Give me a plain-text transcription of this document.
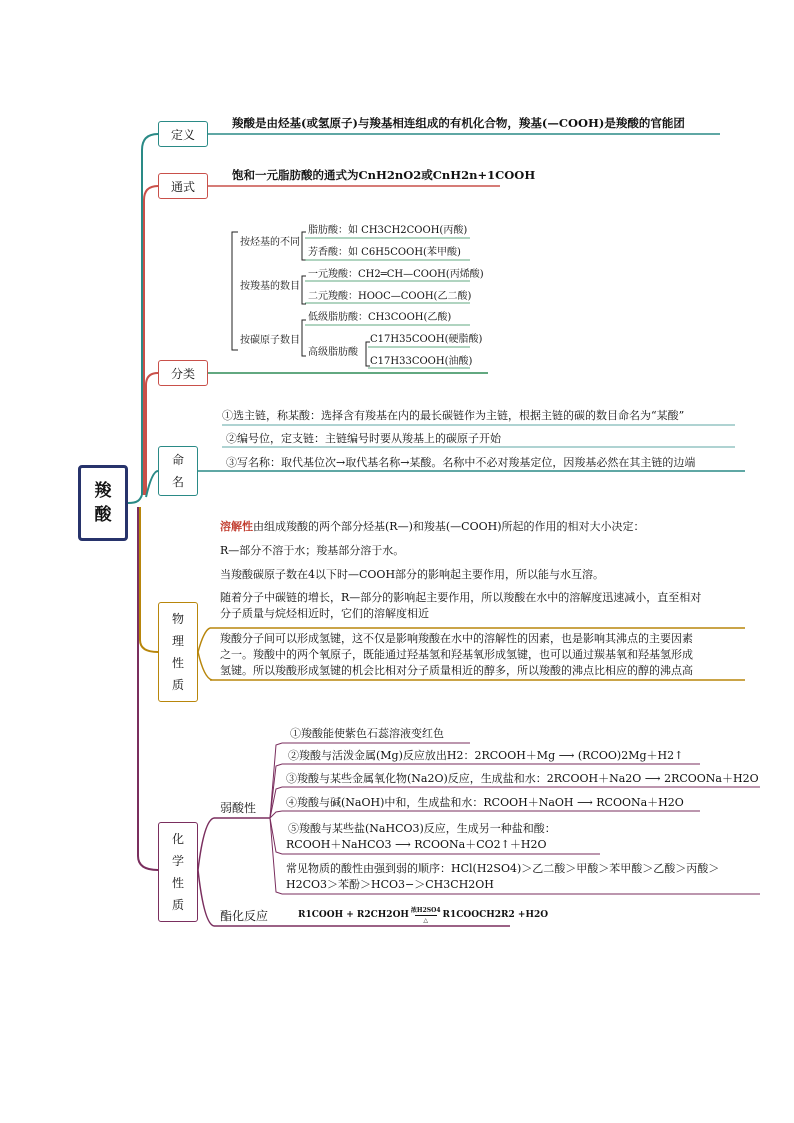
羧
酸
定义
通式
分类
命
名
物
理
性
质
化
学
性
质
羧酸是由烃基(或氢原子)与羧基相连组成的有机化合物，羧基(—COOH)是羧酸的官能团
饱和一元脂肪酸的通式为CnH2nO2或CnH2n+1COOH
按烃基的不同
脂肪酸：如 CH3CH2COOH(丙酸)
芳香酸：如 C6H5COOH(苯甲酸)
按羧基的数目
一元羧酸：CH2═CH—COOH(丙烯酸)
二元羧酸：HOOC—COOH(乙二酸)
按碳原子数目
低级脂肪酸：CH3COOH(乙酸)
高级脂肪酸
C17H35COOH(硬脂酸)
C17H33COOH(油酸)
①选主链，称某酸：选择含有羧基在内的最长碳链作为主链，根据主链的碳的数目命名为“某酸”
②编号位，定支链：主链编号时要从羧基上的碳原子开始
③写名称：取代基位次→取代基名称→某酸。名称中不必对羧基定位，因羧基必然在其主链的边端
溶解性由组成羧酸的两个部分烃基(R—)和羧基(—COOH)所起的作用的相对大小决定：
R—部分不溶于水；羧基部分溶于水。
当羧酸碳原子数在4以下时—COOH部分的影响起主要作用，所以能与水互溶。
随着分子中碳链的增长，R—部分的影响起主要作用，所以羧酸在水中的溶解度迅速减小，直至相对
分子质量与烷烃相近时，它们的溶解度相近
羧酸分子间可以形成氢键，这不仅是影响羧酸在水中的溶解性的因素，也是影响其沸点的主要因素
之一。羧酸中的两个氧原子，既能通过羟基氢和羟基氧形成氢键，也可以通过羰基氧和羟基氢形成
氢键。所以羧酸形成氢键的机会比相对分子质量相近的醇多，所以羧酸的沸点比相应的醇的沸点高
弱酸性
酯化反应
①羧酸能使紫色石蕊溶液变红色
②羧酸与活泼金属(Mg)反应放出H2：2RCOOH＋Mg ⟶ (RCOO)2Mg＋H2↑
③羧酸与某些金属氧化物(Na2O)反应，生成盐和水：2RCOOH＋Na2O ⟶ 2RCOONa＋H2O
④羧酸与碱(NaOH)中和，生成盐和水：RCOOH＋NaOH ⟶ RCOONa＋H2O
⑤羧酸与某些盐(NaHCO3)反应，生成另一种盐和酸：
RCOOH＋NaHCO3 ⟶ RCOONa＋CO2↑＋H2O
常见物质的酸性由强到弱的顺序：HCl(H2SO4)＞乙二酸＞甲酸＞苯甲酸＞乙酸＞丙酸＞
H2CO3＞苯酚＞HCO3−＞CH3CH2OH
R1COOH + R2CH2OH 浓H2SO4
△ R1COOCH2R2 +H2O
